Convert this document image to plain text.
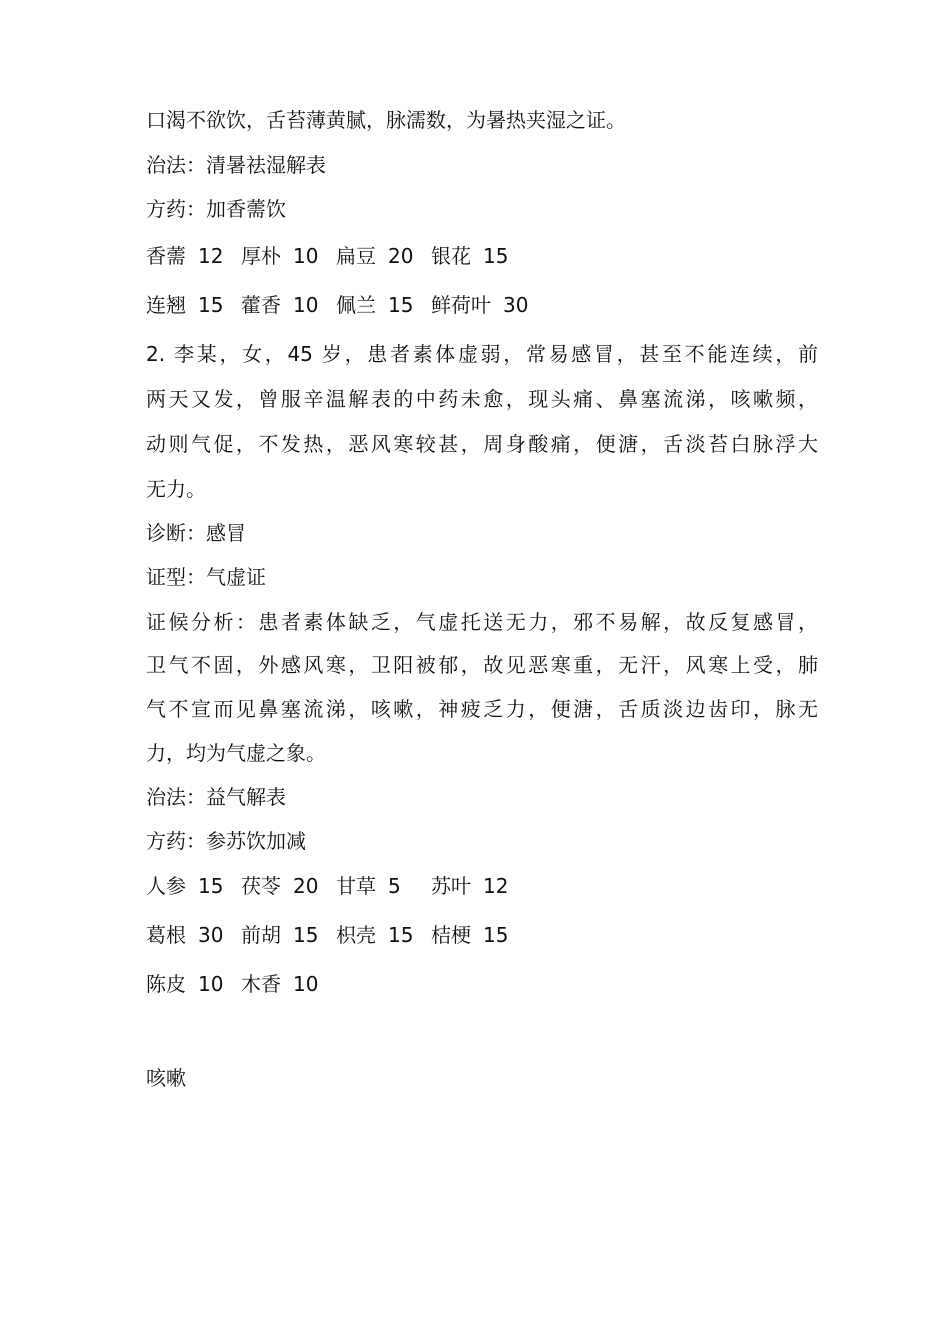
口渴不欲饮，舌苔薄黄腻，脉濡数，为暑热夹湿之证。
治法：清暑祛湿解表
方药：加香薷饮
香薷 12 厚朴 10 扁豆 20 银花 15
连翘 15 藿香 10 佩兰 15 鲜荷叶 30
2. 李某，女，45 岁，患者素体虚弱，常易感冒，甚至不能连续，前
两天又发，曾服辛温解表的中药未愈，现头痛、鼻塞流涕，咳嗽频，
动则气促，不发热，恶风寒较甚，周身酸痛，便溏，舌淡苔白脉浮大
无力。
诊断：感冒
证型：气虚证
证候分析：患者素体缺乏，气虚托送无力，邪不易解，故反复感冒，
卫气不固，外感风寒，卫阳被郁，故见恶寒重，无汗，风寒上受，肺
气不宣而见鼻塞流涕，咳嗽，神疲乏力，便溏，舌质淡边齿印，脉无
力，均为气虚之象。
治法：益气解表
方药：参苏饮加减
人参 15 茯苓 20 甘草 5 苏叶 12
葛根 30 前胡 15 枳壳 15 桔梗 15
陈皮 10 木香 10
咳嗽
